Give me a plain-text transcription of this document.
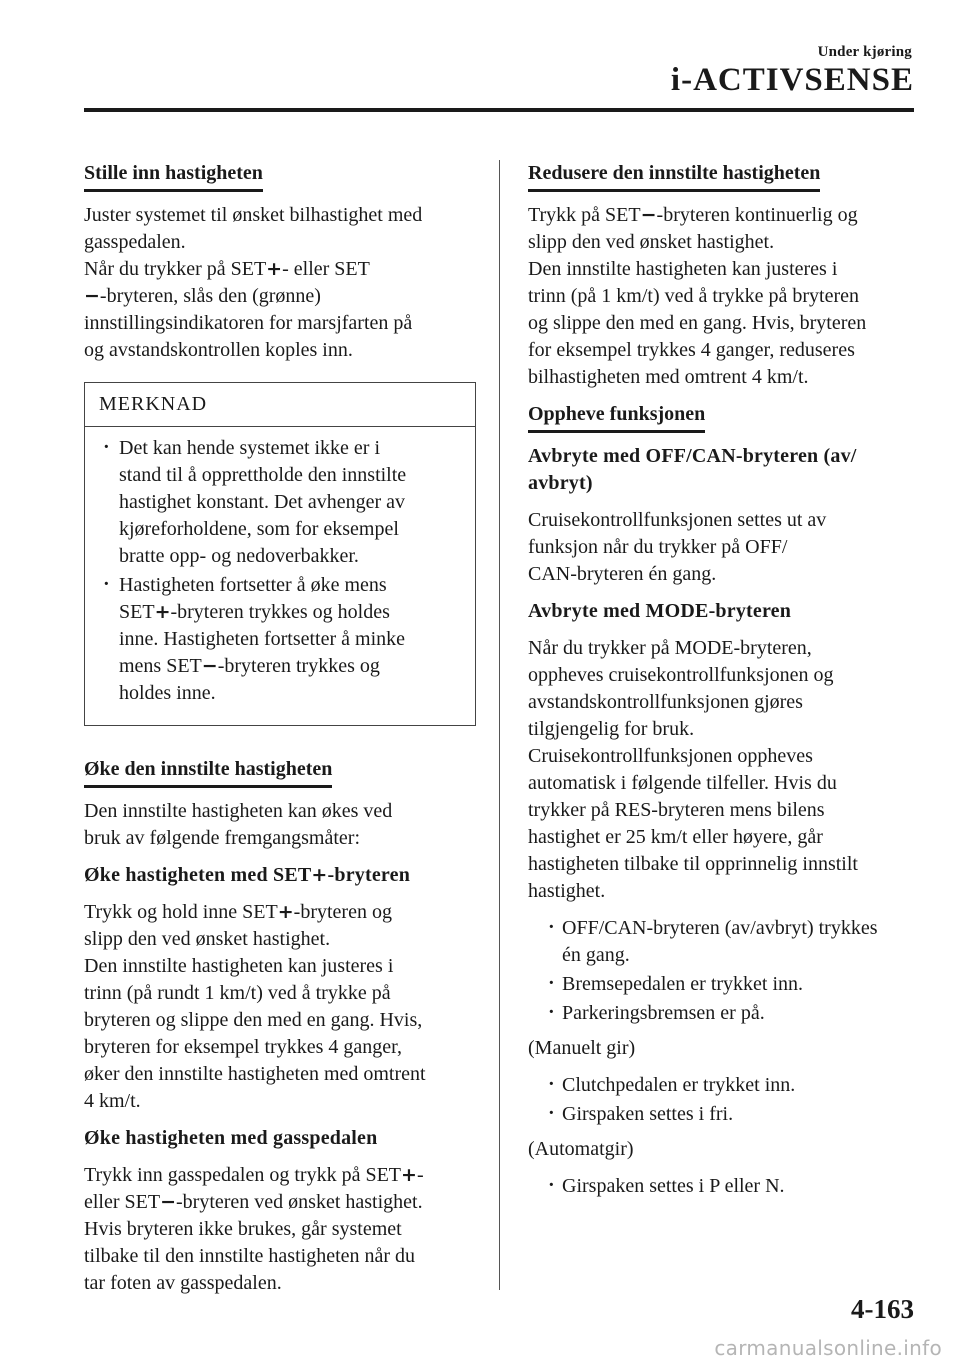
Under kjøring
i-ACTIVSENSE
Stille inn hastigheten

Juster systemet til ønsket bilhastighet med
gasspedalen.
Når du trykker på SET+- eller SET
−-bryteren, slås den (grønne)
innstillingsindikatoren for marsjfarten på
og avstandskontrollen koples inn.

MERKNAD
· Det kan hende systemet ikke er i
stand til å opprettholde den innstilte
hastighet konstant. Det avhenger av
kjøreforholdene, som for eksempel
bratte opp- og nedoverbakker.
· Hastigheten fortsetter å øke mens
SET+-bryteren trykkes og holdes
inne. Hastigheten fortsetter å minke
mens SET−-bryteren trykkes og
holdes inne.
Øke den innstilte hastigheten

Den innstilte hastigheten kan økes ved
bruk av følgende fremgangsmåter:

Øke hastigheten med SET+-bryteren

Trykk og hold inne SET+-bryteren og
slipp den ved ønsket hastighet.
Den innstilte hastigheten kan justeres i
trinn (på rundt 1 km/t) ved å trykke på
bryteren og slippe den med en gang. Hvis,
bryteren for eksempel trykkes 4 ganger,
øker den innstilte hastigheten med omtrent
4 km/t.

Øke hastigheten med gasspedalen

Trykk inn gasspedalen og trykk på SET+-
eller SET−-bryteren ved ønsket hastighet.
Hvis bryteren ikke brukes, går systemet
tilbake til den innstilte hastigheten når du
tar foten av gasspedalen.

Redusere den innstilte hastigheten

Trykk på SET−-bryteren kontinuerlig og
slipp den ved ønsket hastighet.
Den innstilte hastigheten kan justeres i
trinn (på 1 km/t) ved å trykke på bryteren
og slippe den med en gang. Hvis, bryteren
for eksempel trykkes 4 ganger, reduseres
bilhastigheten med omtrent 4 km/t.

Oppheve funksjonen
Avbryte med OFF/CAN-bryteren (av/
avbryt)

Cruisekontrollfunksjonen settes ut av
funksjon når du trykker på OFF/
CAN-bryteren én gang.

Avbryte med MODE-bryteren

Når du trykker på MODE-bryteren,
oppheves cruisekontrollfunksjonen og
avstandskontrollfunksjonen gjøres
tilgjengelig for bruk.
Cruisekontrollfunksjonen oppheves
automatisk i følgende tilfeller. Hvis du
trykker på RES-bryteren mens bilens
hastighet er 25 km/t eller høyere, går
hastigheten tilbake til opprinnelig innstilt
hastighet.

· OFF/CAN-bryteren (av/avbryt) trykkes
én gang.
· Bremsepedalen er trykket inn.
· Parkeringsbremsen er på.

(Manuelt gir)

· Clutchpedalen er trykket inn.
· Girspaken settes i fri.

(Automatgir)

· Girspaken settes i P eller N.
4-163
carmanualsonline.info
